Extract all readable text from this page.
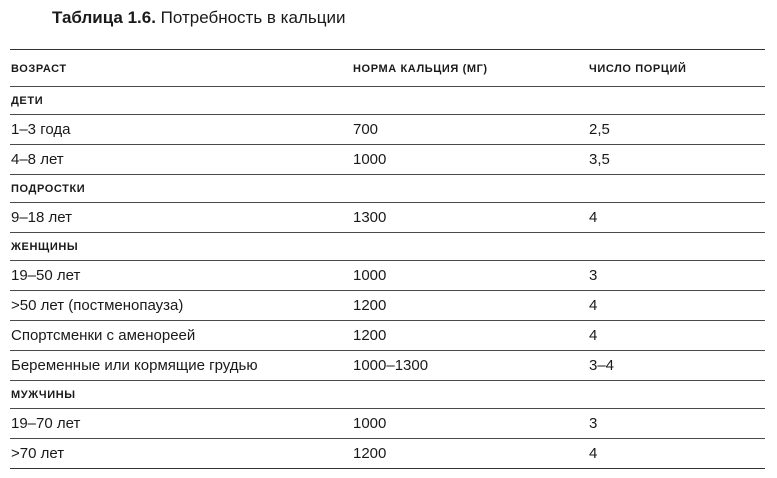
Таблица 1.6. Потребность в кальции
ВОЗРАСТ	НОРМА КАЛЬЦИЯ (МГ)	ЧИСЛО ПОРЦИЙ
ДЕТИ		
1–3 года	700	2,5
4–8 лет	1000	3,5
ПОДРОСТКИ		
9–18 лет	1300	4
ЖЕНЩИНЫ		
19–50 лет	1000	3
>50 лет (постменопауза)	1200	4
Спортсменки с аменореей	1200	4
Беременные или кормящие грудью	1000–1300	3–4
МУЖЧИНЫ		
19–70 лет	1000	3
>70 лет	1200	4
